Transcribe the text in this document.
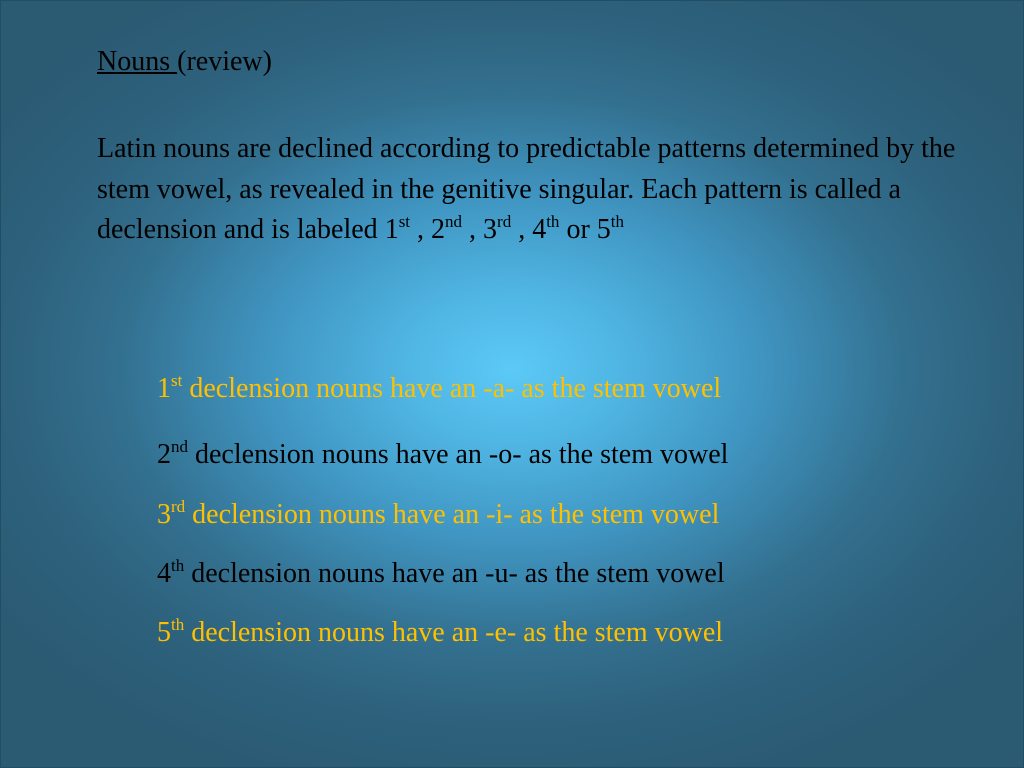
Nouns (review)
Latin nouns are declined according to predictable patterns determined by the stem vowel, as revealed in the genitive singular. Each pattern is called a declension and is labeled 1st , 2nd , 3rd , 4th or 5th
1st declension nouns have an -a- as the stem vowel
2nd declension nouns have an -o- as the stem vowel
3rd declension nouns have an -i- as the stem vowel
4th declension nouns have an -u- as the stem vowel
5th declension nouns have an -e- as the stem vowel
